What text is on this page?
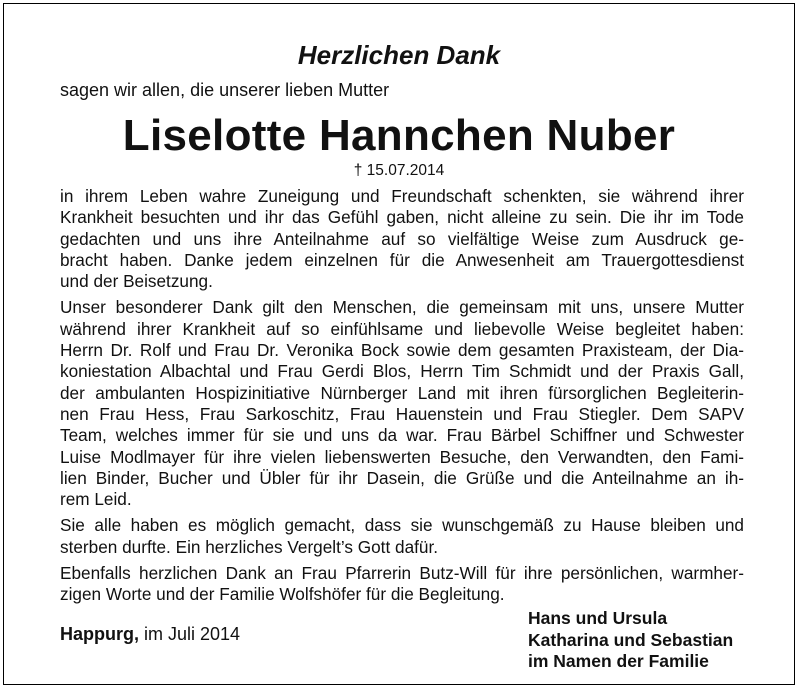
Herzlichen Dank
sagen wir allen, die unserer lieben Mutter
Liselotte Hannchen Nuber
† 15.07.2014

in ihrem Leben wahre Zuneigung und Freundschaft schenkten, sie während ihrer
Krankheit besuchten und ihr das Gefühl gaben, nicht alleine zu sein. Die ihr im Tode
gedachten und uns ihre Anteilnahme auf so vielfältige Weise zum Ausdruck ge-
bracht haben. Danke jedem einzelnen für die Anwesenheit am Trauergottesdienst
und der Beisetzung.

Unser besonderer Dank gilt den Menschen, die gemeinsam mit uns, unsere Mutter
während ihrer Krankheit auf so einfühlsame und liebevolle Weise begleitet haben:
Herrn Dr. Rolf und Frau Dr. Veronika Bock sowie dem gesamten Praxisteam, der Dia-
koniestation Albachtal und Frau Gerdi Blos, Herrn Tim Schmidt und der Praxis Gall,
der ambulanten Hospizinitiative Nürnberger Land mit ihren fürsorglichen Begleiterin-
nen Frau Hess, Frau Sarkoschitz, Frau Hauenstein und Frau Stiegler. Dem SAPV
Team, welches immer für sie und uns da war. Frau Bärbel Schiffner und Schwester
Luise Modlmayer für ihre vielen liebenswerten Besuche, den Verwandten, den Fami-
lien Binder, Bucher und Übler für ihr Dasein, die Grüße und die Anteilnahme an ih-
rem Leid.

Sie alle haben es möglich gemacht, dass sie wunschgemäß zu Hause bleiben und
sterben durfte. Ein herzliches Vergelt’s Gott dafür.

Ebenfalls herzlichen Dank an Frau Pfarrerin Butz-Will für ihre persönlichen, warmher-
zigen Worte und der Familie Wolfshöfer für die Begleitung.

Happurg, im Juli 2014
Hans und Ursula
Katharina und Sebastian
im Namen der Familie
